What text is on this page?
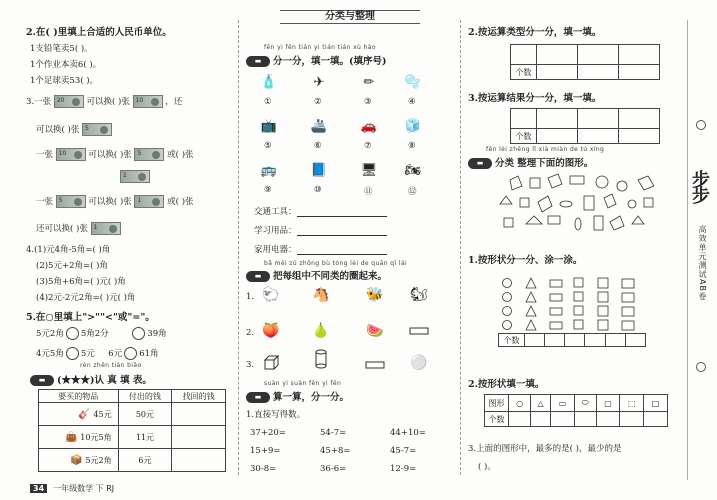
2.在( )里填上合适的人民币单位。
1支铅笔卖5( )。
1个作业本卖6( )。
1个足球卖53( )。
3.一张 20	可以换( )张 10	，还
可以换( )张 5
一张 10	可以换( )张 5	或( )张
1
一张 5	可以换( )张 1	或( )张
还可以换( )张 1
4.(1)元4角-5角=( )角
(2)5元+2角=( )角
(3)5角+6角=( )元( )角
(4)2元-2元2角=( )元( )角
5.在○里填上">""<"或"="。
5元2角 5角2分	39角
4元5角 5元 6元 61角
rèn zhēn tián biǎo
▬ (★★★)认 真 填 表。
要买的物品	付出的钱	找回的钱
🎸 45元	50元	
👜 10元5角	11元	
📦 5元2角	6元	
分类与整理
fēn yi fēn tián yi tián tián xù hào
▬ 分一分，填一填。(填序号)
🧴	✈	✏	🫧
①	②	③	④
📺	🚢	🚗 🧊
⑤	⑥	⑦	⑧
🚌	📘	🖥 🏍
⑨	⑩	⑪	⑫
交通工具：
学习用品：
家用电器：
bǎ měi zǔ zhōng bù tóng lèi de quān qǐ lái
▬ 把每组中不同类的圈起来。
1. 🐑 🐴	🐝 🐿
2. 🍑 🍐	🍉
3.	⚪
suàn yi suàn fēn yi fēn
▬ 算一算，分一分。
1.直接写得数。
37+20=	54-7=	44+10=
15+9=	45+8=	45-7=
30-8=	36-6=	12-9=
2.按运算类型分一分，填一填。

个数			
3.按运算结果分一分，填一填。

个数			
fēn lèi zhěng lǐ xià miàn de tú xíng
▬ 分类 整理下面的图形。
1.按形状分一分、涂一涂。
个数						
2.按形状填一填。
图形	○	△	▭	⬭	▢	⬚	□
个数							
3.上面的图形中，最多的是( )，最少的是
( )。
步步
高效单元测试AB卷
34 一年级数学 下 RJ
